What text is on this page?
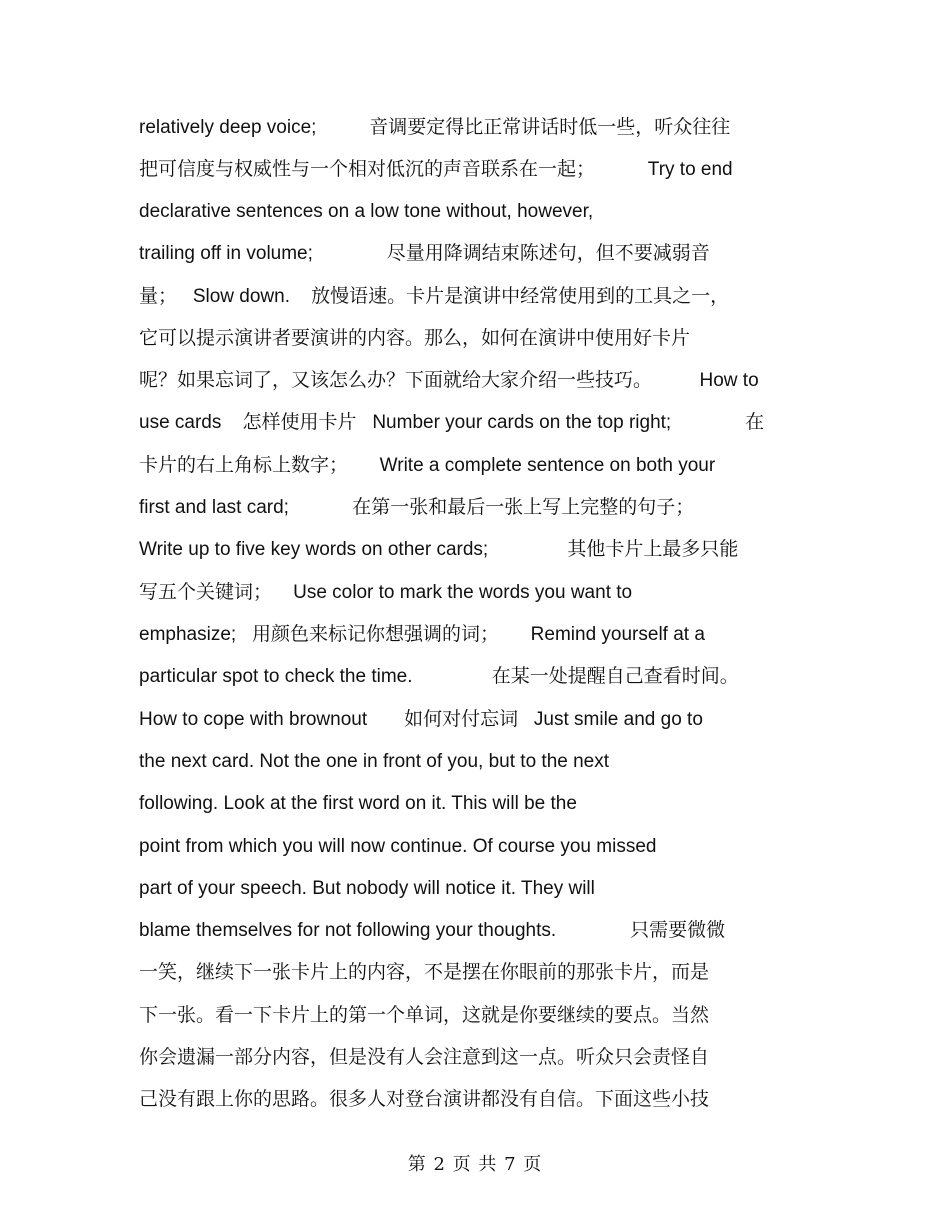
relatively deep voice;          音调要定得比正常讲话时低一些，听众往往
把可信度与权威性与一个相对低沉的声音联系在一起；          Try to end
declarative sentences on a low tone without, however,
trailing off in volume;              尽量用降调结束陈述句，但不要减弱音
量；   Slow down.    放慢语速。卡片是演讲中经常使用到的工具之一，
它可以提示演讲者要演讲的内容。那么，如何在演讲中使用好卡片
呢？如果忘词了，又该怎么办？下面就给大家介绍一些技巧。         How to
use cards    怎样使用卡片   Number your cards on the top right;              在
卡片的右上角标上数字；      Write a complete sentence on both your
first and last card;            在第一张和最后一张上写上完整的句子；
Write up to five key words on other cards;               其他卡片上最多只能
写五个关键词；    Use color to mark the words you want to
emphasize;   用颜色来标记你想强调的词；      Remind yourself at a
particular spot to check the time.               在某一处提醒自己查看时间。
How to cope with brownout       如何对付忘词   Just smile and go to
the next card. Not the one in front of you, but to the next
following. Look at the first word on it. This will be the
point from which you will now continue. Of course you missed
part of your speech. But nobody will notice it. They will
blame themselves for not following your thoughts.              只需要微微
一笑，继续下一张卡片上的内容，不是摆在你眼前的那张卡片，而是
下一张。看一下卡片上的第一个单词，这就是你要继续的要点。当然
你会遗漏一部分内容，但是没有人会注意到这一点。听众只会责怪自
己没有跟上你的思路。很多人对登台演讲都没有自信。下面这些小技
第 2 页 共 7 页
